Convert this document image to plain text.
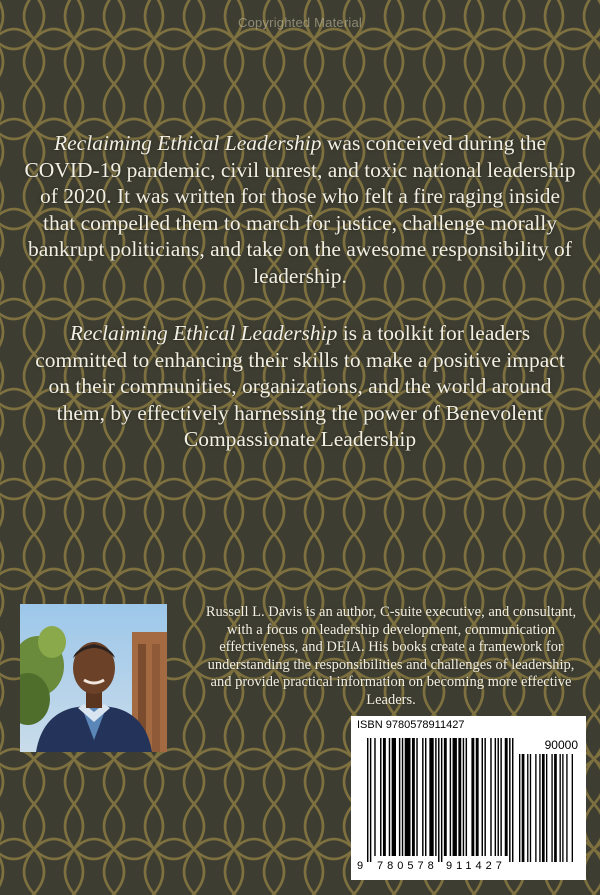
Copyrighted Material
Reclaiming Ethical Leadership was conceived during the COVID-19 pandemic, civil unrest, and toxic national leadership of 2020. It was written for those who felt a fire raging inside that compelled them to march for justice, challenge morally bankrupt politicians, and take on the awesome responsibility of leadership.
Reclaiming Ethical Leadership is a toolkit for leaders committed to enhancing their skills to make a positive impact on their communities, organizations, and the world around them, by effectively harnessing the power of Benevolent Compassionate Leadership
Russell L. Davis is an author, C-suite executive, and consultant, with a focus on leadership development, communication effectiveness, and DEIA. His books create a framework for understanding the responsibilities and challenges of leadership, and provide practical information on becoming more effective Leaders.
ISBN 9780578911427
90000
9 780578 911427
